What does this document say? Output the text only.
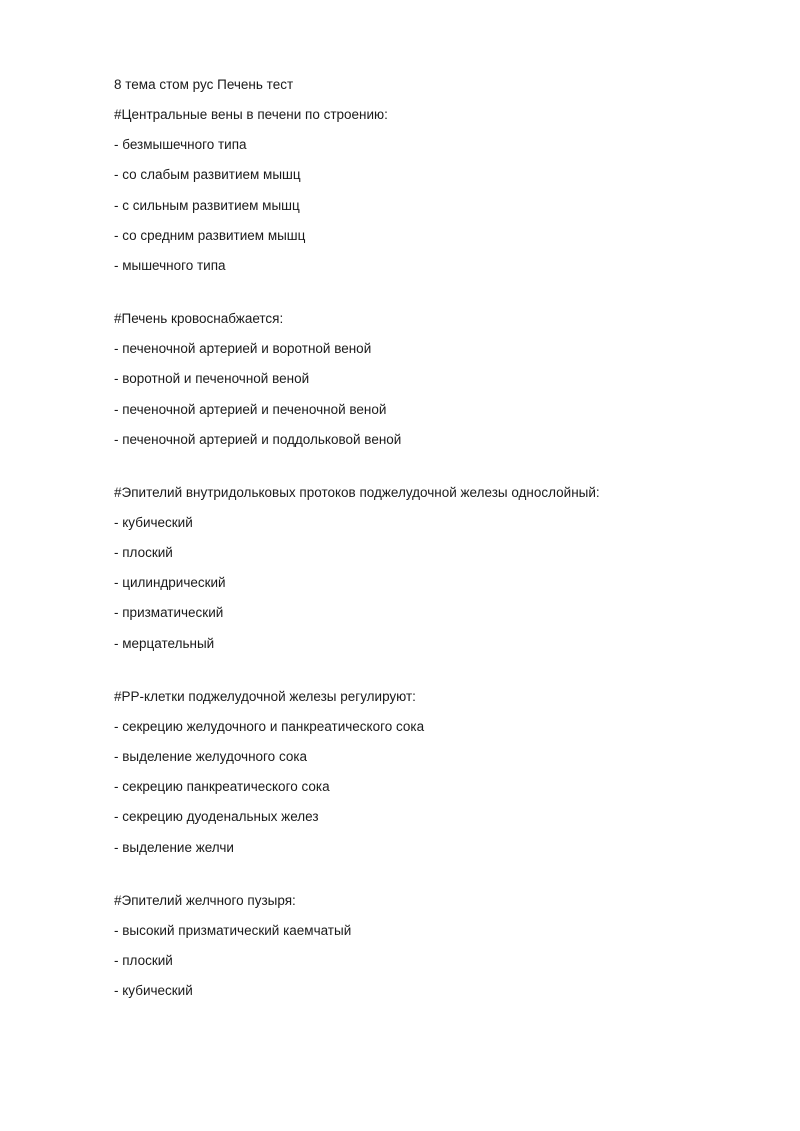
8 тема стом рус Печень тест
#Центральные вены в печени по строению:
- безмышечного типа
- со слабым развитием мышц
- с сильным развитием мышц
- со средним развитием мышц
- мышечного типа
#Печень кровоснабжается:
- печеночной артерией и воротной веной
- воротной и печеночной веной
- печеночной артерией и печеночной веной
- печеночной артерией и поддольковой веной
#Эпителий внутридольковых протоков поджелудочной железы однослойный:
- кубический
- плоский
- цилиндрический
- призматический
- мерцательный
#РР-клетки поджелудочной железы регулируют:
- секрецию желудочного и панкреатического сока
- выделение желудочного сока
- секрецию панкреатического сока
- секрецию дуоденальных желез
- выделение желчи
#Эпителий желчного пузыря:
- высокий призматический каемчатый
- плоский
- кубический
